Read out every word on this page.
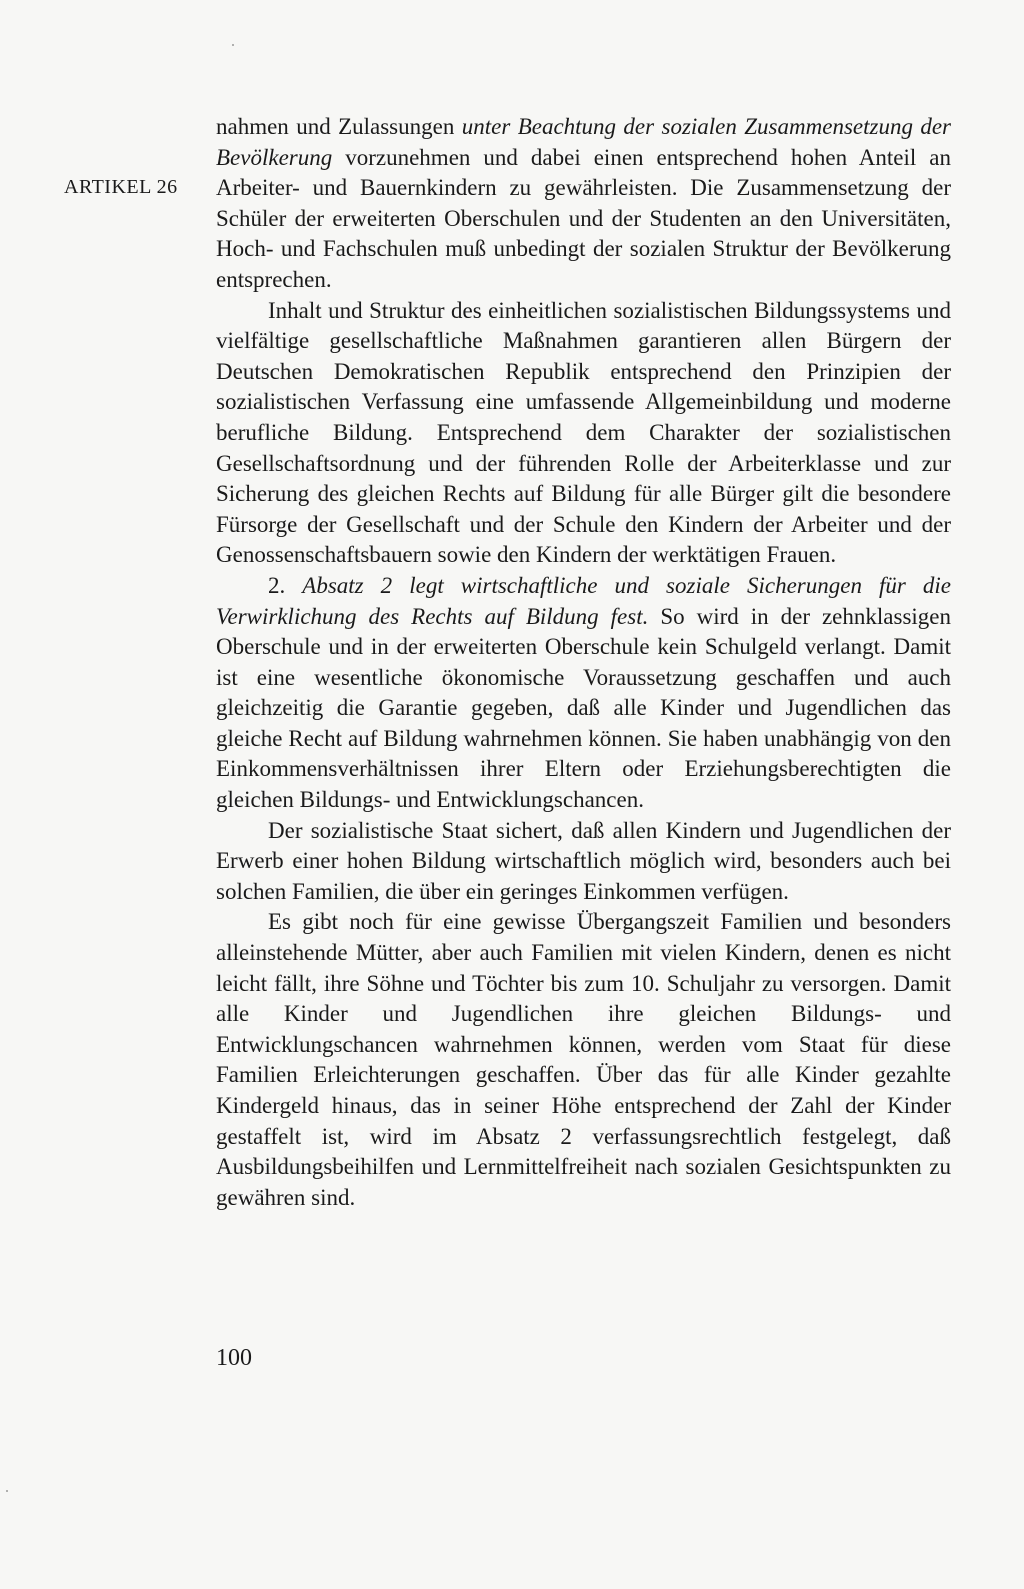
ARTIKEL 26

nahmen und Zulassungen unter Beachtung der sozialen Zusammensetzung der Bevölkerung vorzunehmen und dabei einen entsprechend hohen Anteil an Arbeiter- und Bauernkindern zu gewährleisten. Die Zusammensetzung der Schüler der erweiterten Oberschulen und der Studenten an den Universitäten, Hoch- und Fachschulen muß unbedingt der sozialen Struktur der Bevölkerung entsprechen.

Inhalt und Struktur des einheitlichen sozialistischen Bildungssystems und vielfältige gesellschaftliche Maßnahmen garantieren allen Bürgern der Deutschen Demokratischen Republik entsprechend den Prinzipien der sozialistischen Verfassung eine umfassende Allgemeinbildung und moderne berufliche Bildung. Entsprechend dem Charakter der sozialistischen Gesellschaftsordnung und der führenden Rolle der Arbeiterklasse und zur Sicherung des gleichen Rechts auf Bildung für alle Bürger gilt die besondere Fürsorge der Gesellschaft und der Schule den Kindern der Arbeiter und der Genossenschaftsbauern sowie den Kindern der werktätigen Frauen.

2. Absatz 2 legt wirtschaftliche und soziale Sicherungen für die Verwirklichung des Rechts auf Bildung fest. So wird in der zehnklassigen Oberschule und in der erweiterten Oberschule kein Schulgeld verlangt. Damit ist eine wesentliche ökonomische Voraussetzung geschaffen und auch gleichzeitig die Garantie gegeben, daß alle Kinder und Jugendlichen das gleiche Recht auf Bildung wahrnehmen können. Sie haben unabhängig von den Einkommensverhältnissen ihrer Eltern oder Erziehungsberechtigten die gleichen Bildungs- und Entwicklungschancen.

Der sozialistische Staat sichert, daß allen Kindern und Jugendlichen der Erwerb einer hohen Bildung wirtschaftlich möglich wird, besonders auch bei solchen Familien, die über ein geringes Einkommen verfügen.

Es gibt noch für eine gewisse Übergangszeit Familien und besonders alleinstehende Mütter, aber auch Familien mit vielen Kindern, denen es nicht leicht fällt, ihre Söhne und Töchter bis zum 10. Schuljahr zu versorgen. Damit alle Kinder und Jugendlichen ihre gleichen Bildungs- und Entwicklungschancen wahrnehmen können, werden vom Staat für diese Familien Erleichterungen geschaffen. Über das für alle Kinder gezahlte Kindergeld hinaus, das in seiner Höhe entsprechend der Zahl der Kinder gestaffelt ist, wird im Absatz 2 verfassungsrechtlich festgelegt, daß Ausbildungsbeihilfen und Lernmittelfreiheit nach sozialen Gesichtspunkten zu gewähren sind.

100
